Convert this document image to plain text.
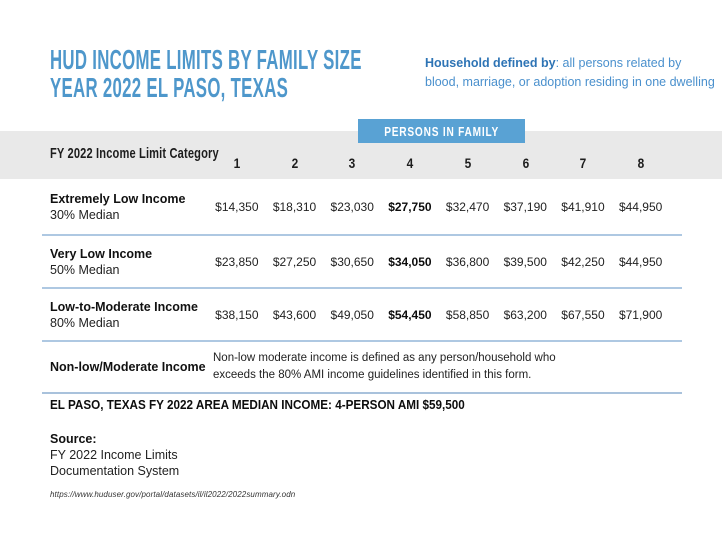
HUD INCOME LIMITS BY FAMILY SIZE
YEAR 2022 EL PASO, TEXAS

Household defined by: all persons related by blood, marriage, or adoption residing in one dwelling

FY 2022 Income Limit Category
1	2	3	4	5	6	7	8
PERSONS IN FAMILY
Extremely Low Income
30% Median
$14,350	$18,310	$23,030	$27,750	$32,470	$37,190	$41,910	$44,950
Very Low Income
50% Median
$23,850	$27,250	$30,650	$34,050	$36,800	$39,500	$42,250	$44,950
Low-to-Moderate Income
80% Median
$38,150	$43,600	$49,050	$54,450	$58,850	$63,200	$67,550	$71,900
Non-low/Moderate Income
Non-low moderate income is defined as any person/household who exceeds the 80% AMI income guidelines identified in this form.
EL PASO, TEXAS FY 2022 AREA MEDIAN INCOME: 4-PERSON AMI $59,500
Source:
FY 2022 Income Limits
Documentation System
https://www.huduser.gov/portal/datasets/il/il2022/2022summary.odn
